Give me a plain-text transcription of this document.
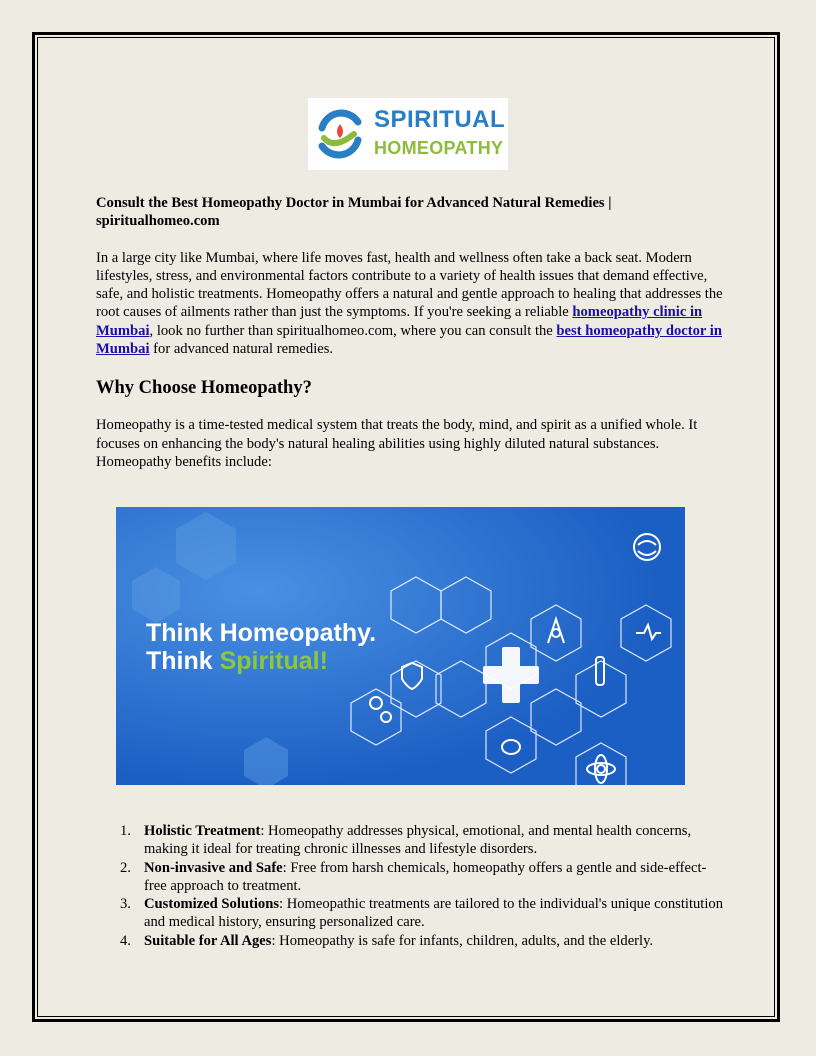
SPIRITUAL
HOMEOPATHY

Consult the Best Homeopathy Doctor in Mumbai for Advanced Natural Remedies | spiritualhomeo.com

In a large city like Mumbai, where life moves fast, health and wellness often take a back seat. Modern lifestyles, stress, and environmental factors contribute to a variety of health issues that demand effective, safe, and holistic treatments. Homeopathy offers a natural and gentle approach to healing that addresses the root causes of ailments rather than just the symptoms. If you're seeking a reliable homeopathy clinic in Mumbai, look no further than spiritualhomeo.com, where you can consult the best homeopathy doctor in Mumbai for advanced natural remedies.

Why Choose Homeopathy?

Homeopathy is a time-tested medical system that treats the body, mind, and spirit as a unified whole. It focuses on enhancing the body's natural healing abilities using highly diluted natural substances. Homeopathy benefits include:

Think Homeopathy.
Think Spiritual!
1. Holistic Treatment: Homeopathy addresses physical, emotional, and mental health concerns, making it ideal for treating chronic illnesses and lifestyle disorders.
2. Non-invasive and Safe: Free from harsh chemicals, homeopathy offers a gentle and side-effect-free approach to treatment.
3. Customized Solutions: Homeopathic treatments are tailored to the individual's unique constitution and medical history, ensuring personalized care.
4. Suitable for All Ages: Homeopathy is safe for infants, children, adults, and the elderly.
